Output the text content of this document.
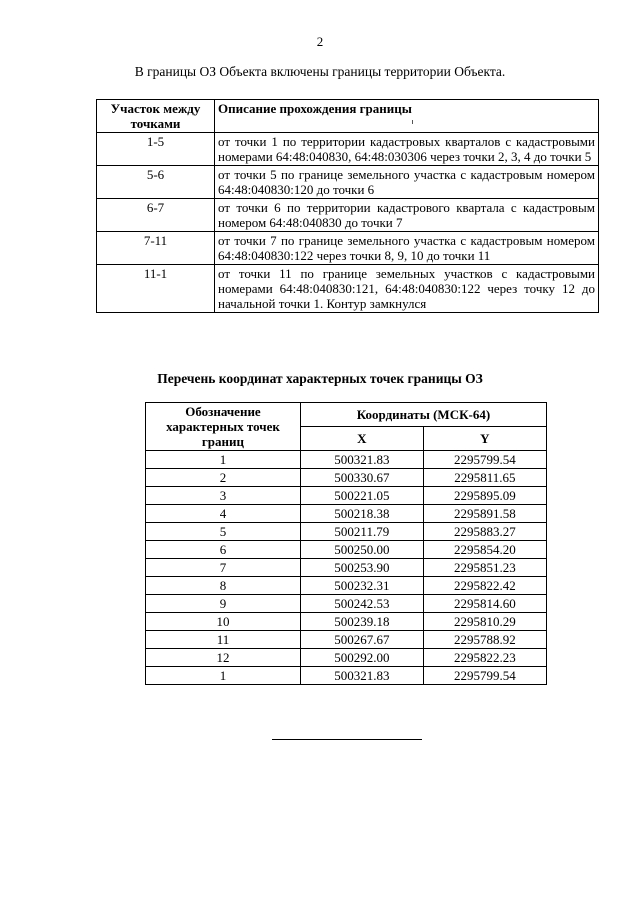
2
В границы ОЗ Объекта включены границы территории Объекта.
Участок между точками	Описание прохождения границы
1-5	от точки 1 по территории кадастровых кварталов с кадастровыми номерами 64:48:040830, 64:48:030306 через точки 2, 3, 4 до точки 5
5-6	от точки 5 по границе земельного участка с кадастровым номером 64:48:040830:120 до точки 6
6-7	от точки 6 по территории кадастрового квартала с кадастровым номером 64:48:040830 до точки 7
7-11	от точки 7 по границе земельного участка с кадастровым номером 64:48:040830:122 через точки 8, 9, 10 до точки 11
11-1	от точки 11 по границе земельных участков с кадастровыми номерами 64:48:040830:121, 64:48:040830:122 через точку 12 до начальной точки 1. Контур замкнулся
Перечень координат характерных точек границы ОЗ
Обозначение характерных точек границ	Координаты (МСК-64)	
	X	Y
1	500321.83	2295799.54
2	500330.67	2295811.65
3	500221.05	2295895.09
4	500218.38	2295891.58
5	500211.79	2295883.27
6	500250.00	2295854.20
7	500253.90	2295851.23
8	500232.31	2295822.42
9	500242.53	2295814.60
10	500239.18	2295810.29
11	500267.67	2295788.92
12	500292.00	2295822.23
1	500321.83	2295799.54
